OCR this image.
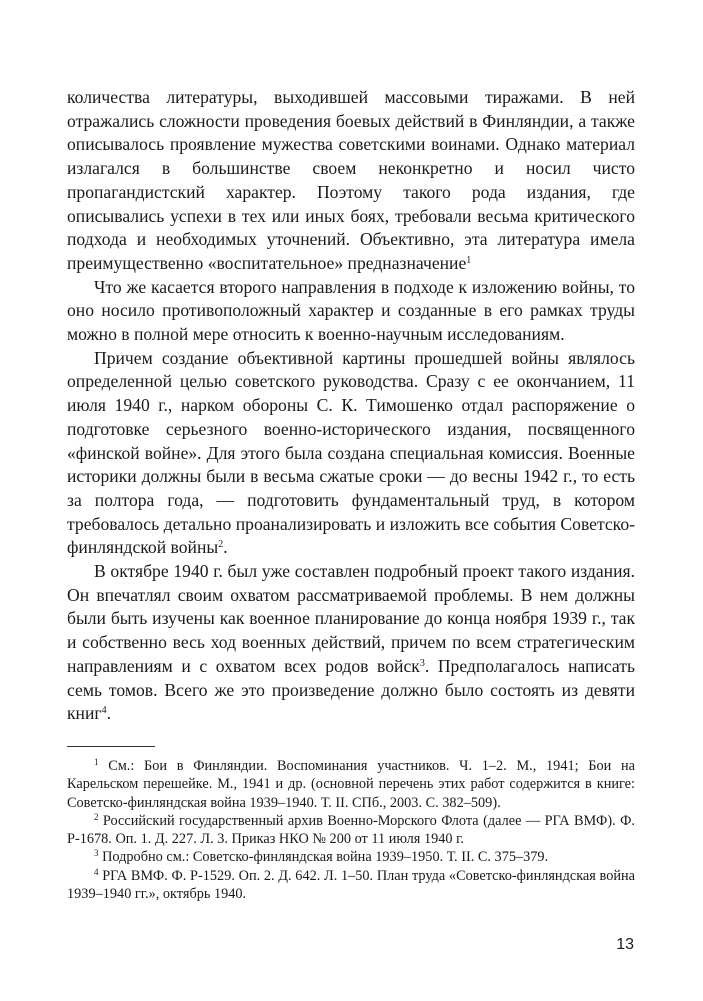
количества литературы, выходившей массовыми тиражами. В ней отражались сложности проведения боевых действий в Финляндии, а также описывалось проявление мужества советскими воинами. Однако материал излагался в большинстве своем неконкретно и носил чисто пропагандистский характер. Поэтому такого рода издания, где описывались успехи в тех или иных боях, требовали весьма критического подхода и необходимых уточнений. Объективно, эта литература имела преимущественно «воспитательное» предназначение$^1$

Что же касается второго направления в подходе к изложению войны, то оно носило противоположный характер и созданные в его рамках труды можно в полной мере относить к военно-научным исследованиям.

Причем создание объективной картины прошедшей войны являлось определенной целью советского руководства. Сразу с ее окончанием, 11 июля 1940 г., нарком обороны С. К. Тимошенко отдал распоряжение о подготовке серьезного военно-исторического издания, посвященного «финской войне». Для этого была создана специальная комиссия. Военные историки должны были в весьма сжатые сроки — до весны 1942 г., то есть за полтора года, — подготовить фундаментальный труд, в котором требовалось детально проанализировать и изложить все события Советско-финляндской войны$^2$.

В октябре 1940 г. был уже составлен подробный проект такого издания. Он впечатлял своим охватом рассматриваемой проблемы. В нем должны были быть изучены как военное планирование до конца ноября 1939 г., так и собственно весь ход военных действий, причем по всем стратегическим направлениям и с охватом всех родов войск$^3$. Предполагалось написать семь томов. Всего же это произведение должно было состоять из девяти книг$^4$.

$^1$ См.: Бои в Финляндии. Воспоминания участников. Ч. 1–2. М., 1941; Бои на Карельском перешейке. М., 1941 и др. (основной перечень этих работ содержится в книге: Советско-финляндская война 1939–1940. Т. II. СПб., 2003. С. 382–509).

$^2$ Российский государственный архив Военно-Морского Флота (далее — РГА ВМФ). Ф. Р-1678. Оп. 1. Д. 227. Л. 3. Приказ НКО № 200 от 11 июля 1940 г.

$^3$ Подробно см.: Советско-финляндская война 1939–1950. Т. II. С. 375–379.

$^4$ РГА ВМФ. Ф. Р-1529. Оп. 2. Д. 642. Л. 1–50. План труда «Советско-финляндская война 1939–1940 гг.», октябрь 1940.

13
